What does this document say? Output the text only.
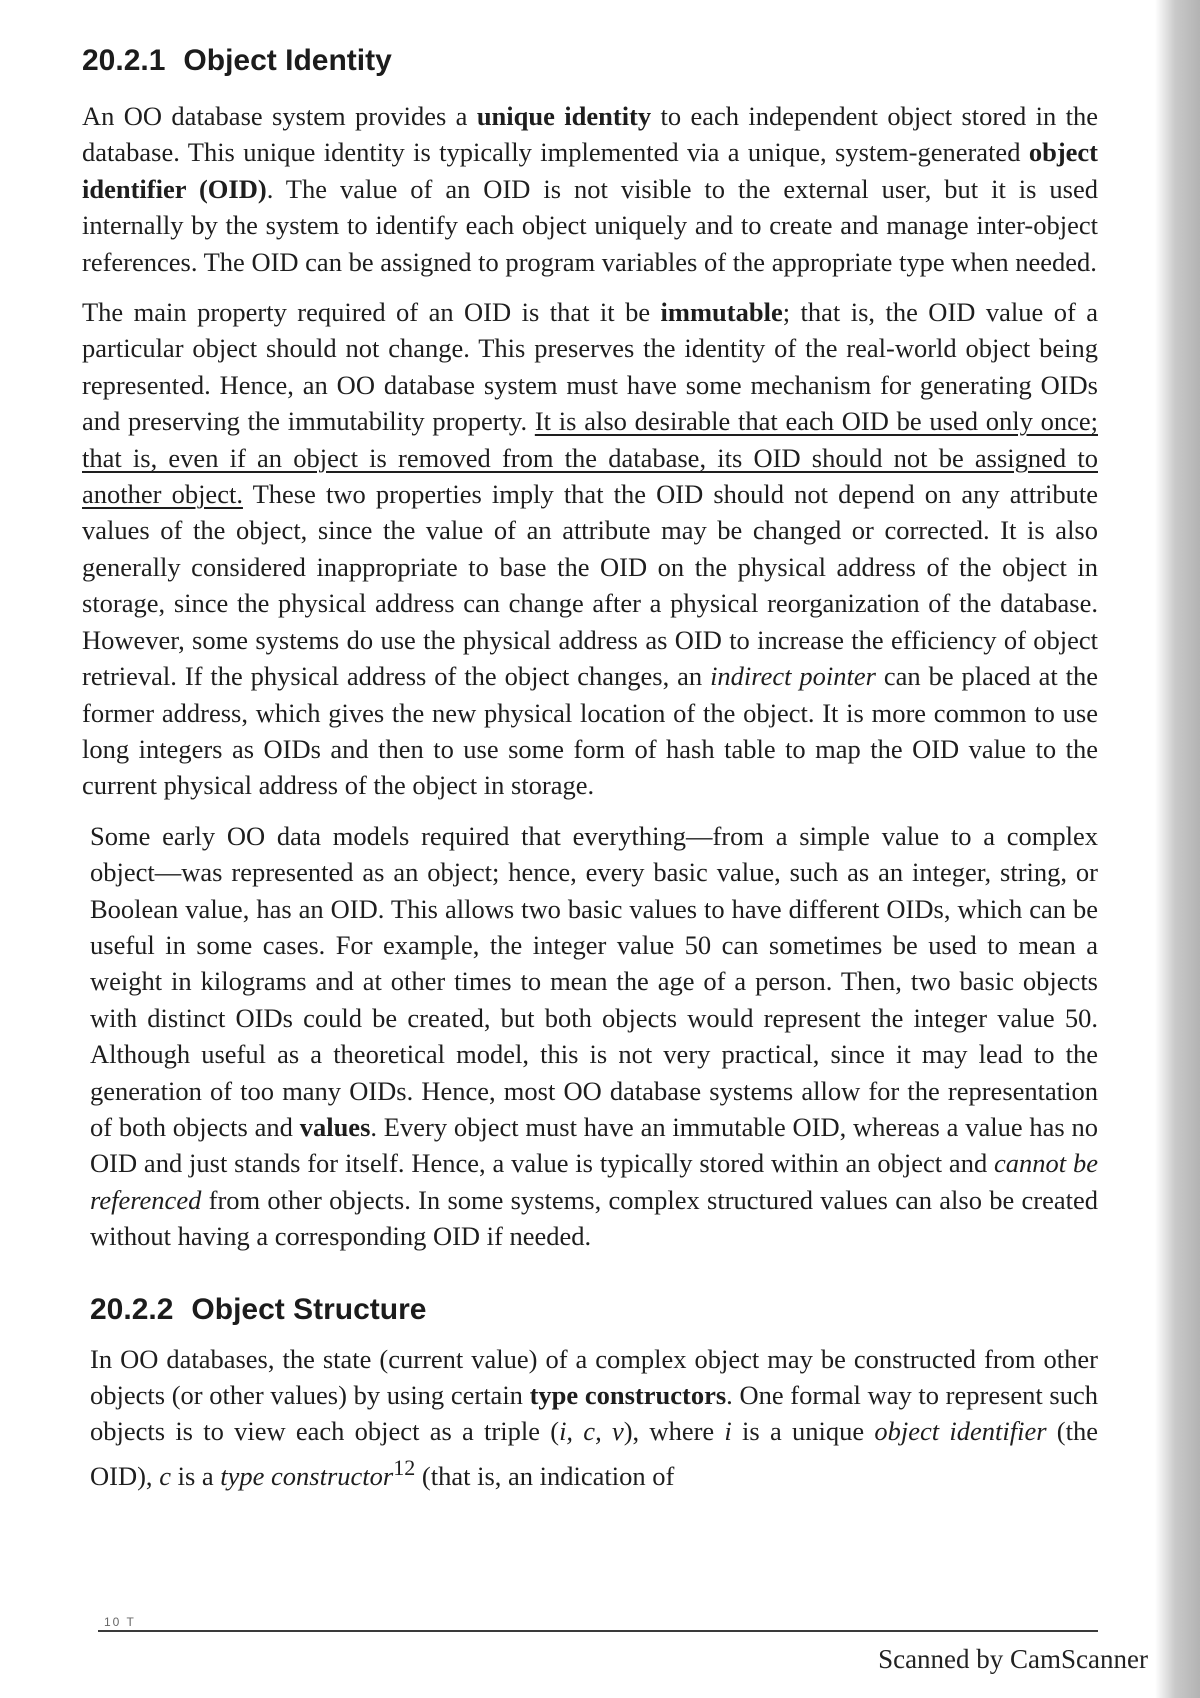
20.2.1 Object Identity

An OO database system provides a unique identity to each independent object stored in the database. This unique identity is typically implemented via a unique, system-generated object identifier (OID). The value of an OID is not visible to the external user, but it is used internally by the system to identify each object uniquely and to create and manage inter-object references. The OID can be assigned to program variables of the appropriate type when needed.

The main property required of an OID is that it be immutable; that is, the OID value of a particular object should not change. This preserves the identity of the real-world object being represented. Hence, an OO database system must have some mechanism for generating OIDs and preserving the immutability property. It is also desirable that each OID be used only once; that is, even if an object is removed from the database, its OID should not be assigned to another object. These two properties imply that the OID should not depend on any attribute values of the object, since the value of an attribute may be changed or corrected. It is also generally considered inappropriate to base the OID on the physical address of the object in storage, since the physical address can change after a physical reorganization of the database. However, some systems do use the physical address as OID to increase the efficiency of object retrieval. If the physical address of the object changes, an indirect pointer can be placed at the former address, which gives the new physical location of the object. It is more common to use long integers as OIDs and then to use some form of hash table to map the OID value to the current physical address of the object in storage.

Some early OO data models required that everything—from a simple value to a complex object—was represented as an object; hence, every basic value, such as an integer, string, or Boolean value, has an OID. This allows two basic values to have different OIDs, which can be useful in some cases. For example, the integer value 50 can sometimes be used to mean a weight in kilograms and at other times to mean the age of a person. Then, two basic objects with distinct OIDs could be created, but both objects would represent the integer value 50. Although useful as a theoretical model, this is not very practical, since it may lead to the generation of too many OIDs. Hence, most OO database systems allow for the representation of both objects and values. Every object must have an immutable OID, whereas a value has no OID and just stands for itself. Hence, a value is typically stored within an object and cannot be referenced from other objects. In some systems, complex structured values can also be created without having a corresponding OID if needed.

20.2.2 Object Structure

In OO databases, the state (current value) of a complex object may be constructed from other objects (or other values) by using certain type constructors. One formal way to represent such objects is to view each object as a triple (i, c, v), where i is a unique object identifier (the OID), c is a type constructor$^{12}$ (that is, an indication of

10 T
Scanned by CamScanner
